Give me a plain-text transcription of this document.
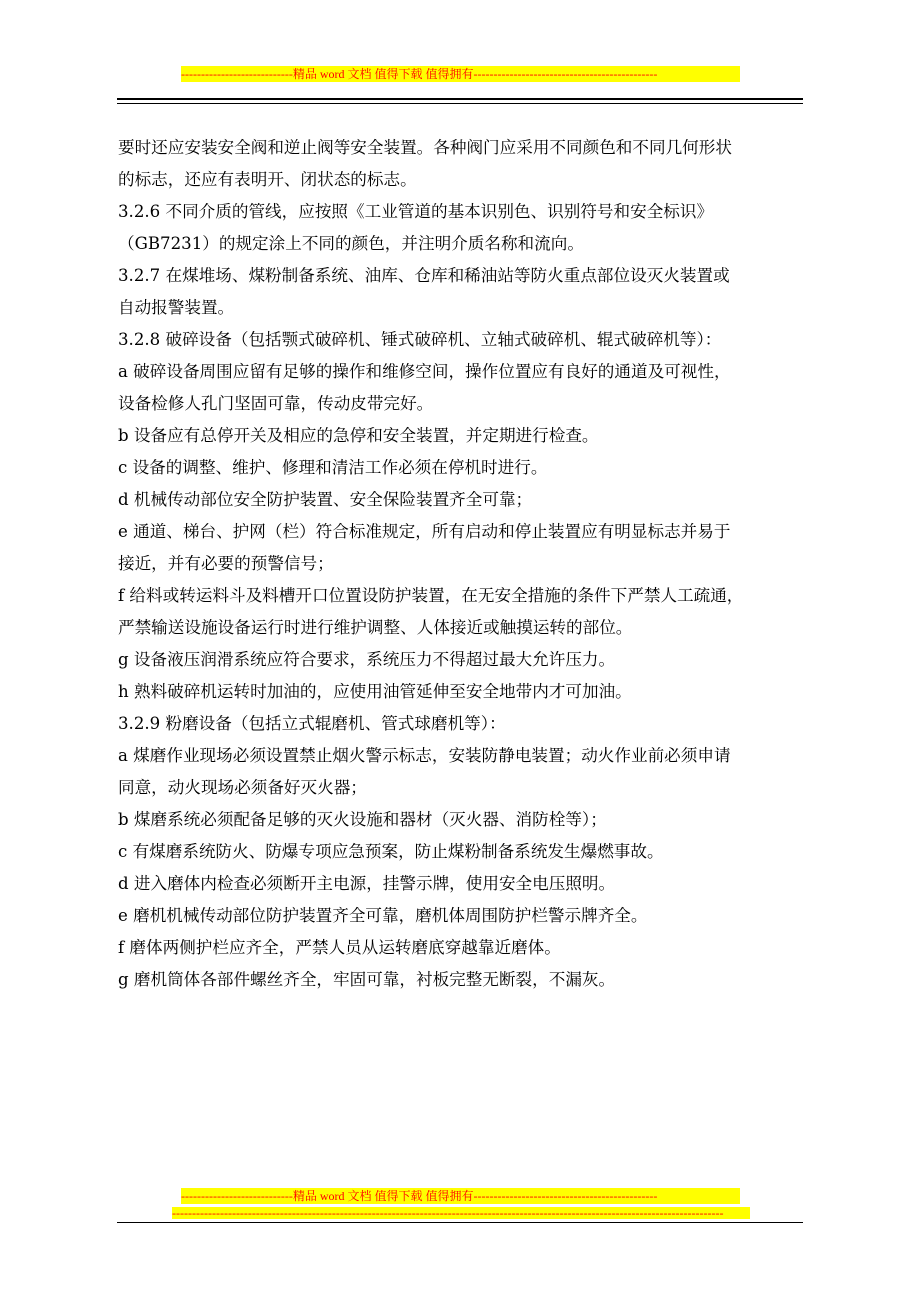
----------------------------精品 word 文档 值得下载 值得拥有----------------------------------------------
要时还应安装安全阀和逆止阀等安全装置。各种阀门应采用不同颜色和不同几何形状
的标志，还应有表明开、闭状态的标志。
3.2.6 不同介质的管线，应按照《工业管道的基本识别色、识别符号和安全标识》
（GB7231）的规定涂上不同的颜色，并注明介质名称和流向。
3.2.7 在煤堆场、煤粉制备系统、油库、仓库和稀油站等防火重点部位设灭火装置或
自动报警装置。
3.2.8 破碎设备（包括颚式破碎机、锤式破碎机、立轴式破碎机、辊式破碎机等）：
a 破碎设备周围应留有足够的操作和维修空间，操作位置应有良好的通道及可视性，
设备检修人孔门坚固可靠，传动皮带完好。
b 设备应有总停开关及相应的急停和安全装置，并定期进行检查。
c 设备的调整、维护、修理和清洁工作必须在停机时进行。
d 机械传动部位安全防护装置、安全保险装置齐全可靠；
e 通道、梯台、护网（栏）符合标准规定，所有启动和停止装置应有明显标志并易于
接近，并有必要的预警信号；
f 给料或转运料斗及料槽开口位置设防护装置，在无安全措施的条件下严禁人工疏通，
严禁输送设施设备运行时进行维护调整、人体接近或触摸运转的部位。
g 设备液压润滑系统应符合要求，系统压力不得超过最大允许压力。
h 熟料破碎机运转时加油的，应使用油管延伸至安全地带内才可加油。
3.2.9 粉磨设备（包括立式辊磨机、管式球磨机等）：
a 煤磨作业现场必须设置禁止烟火警示标志，安装防静电装置；动火作业前必须申请
同意，动火现场必须备好灭火器；
b 煤磨系统必须配备足够的灭火设施和器材（灭火器、消防栓等）；
c 有煤磨系统防火、防爆专项应急预案，防止煤粉制备系统发生爆燃事故。
d 进入磨体内检查必须断开主电源，挂警示牌，使用安全电压照明。
e 磨机机械传动部位防护装置齐全可靠，磨机体周围防护栏警示牌齐全。
f 磨体两侧护栏应齐全，严禁人员从运转磨底穿越靠近磨体。
g 磨机筒体各部件螺丝齐全，牢固可靠，衬板完整无断裂，不漏灰。
----------------------------精品 word 文档 值得下载 值得拥有----------------------------------------------
------------------------------------------------------------------------------------------------------------------------------------------
